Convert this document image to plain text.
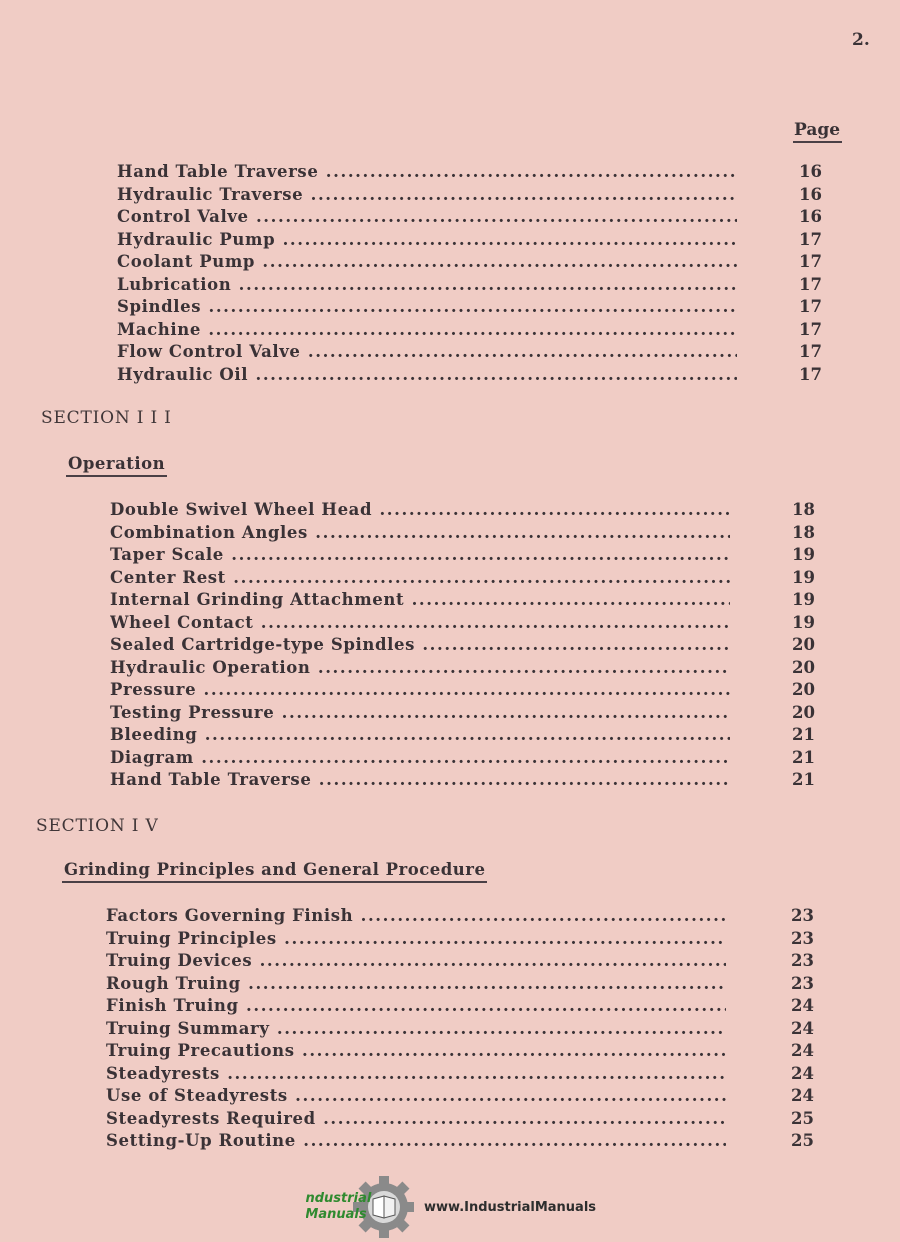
2.
Page
Hand Table Traverse .....	16
Hydraulic Traverse .....	16
Control Valve .....	16
Hydraulic Pump .....	17
Coolant Pump .....	17
Lubrication .....	17
Spindles .....	17
Machine .....	17
Flow Control Valve .....	17
Hydraulic Oil .....	17
SECTION I I I
Operation
Double Swivel Wheel Head .....	18
Combination Angles .....	18
Taper Scale .....	19
Center Rest .....	19
Internal Grinding Attachment .....	19
Wheel Contact .....	19
Sealed Cartridge-type Spindles .....	20
Hydraulic Operation .....	20
Pressure .....	20
Testing Pressure .....	20
Bleeding .....	21
Diagram .....	21
Hand Table Traverse .....	21
SECTION I V
Grinding Principles and General Procedure
Factors Governing Finish .....	23
Truing Principles .....	23
Truing Devices .....	23
Rough Truing .....	23
Finish Truing .....	24
Truing Summary .....	24
Truing Precautions .....	24
Steadyrests .....	24
Use of Steadyrests .....	24
Steadyrests Required .....	25
Setting-Up Routine .....	25
Industrial
Manuals	www.IndustrialManuals
